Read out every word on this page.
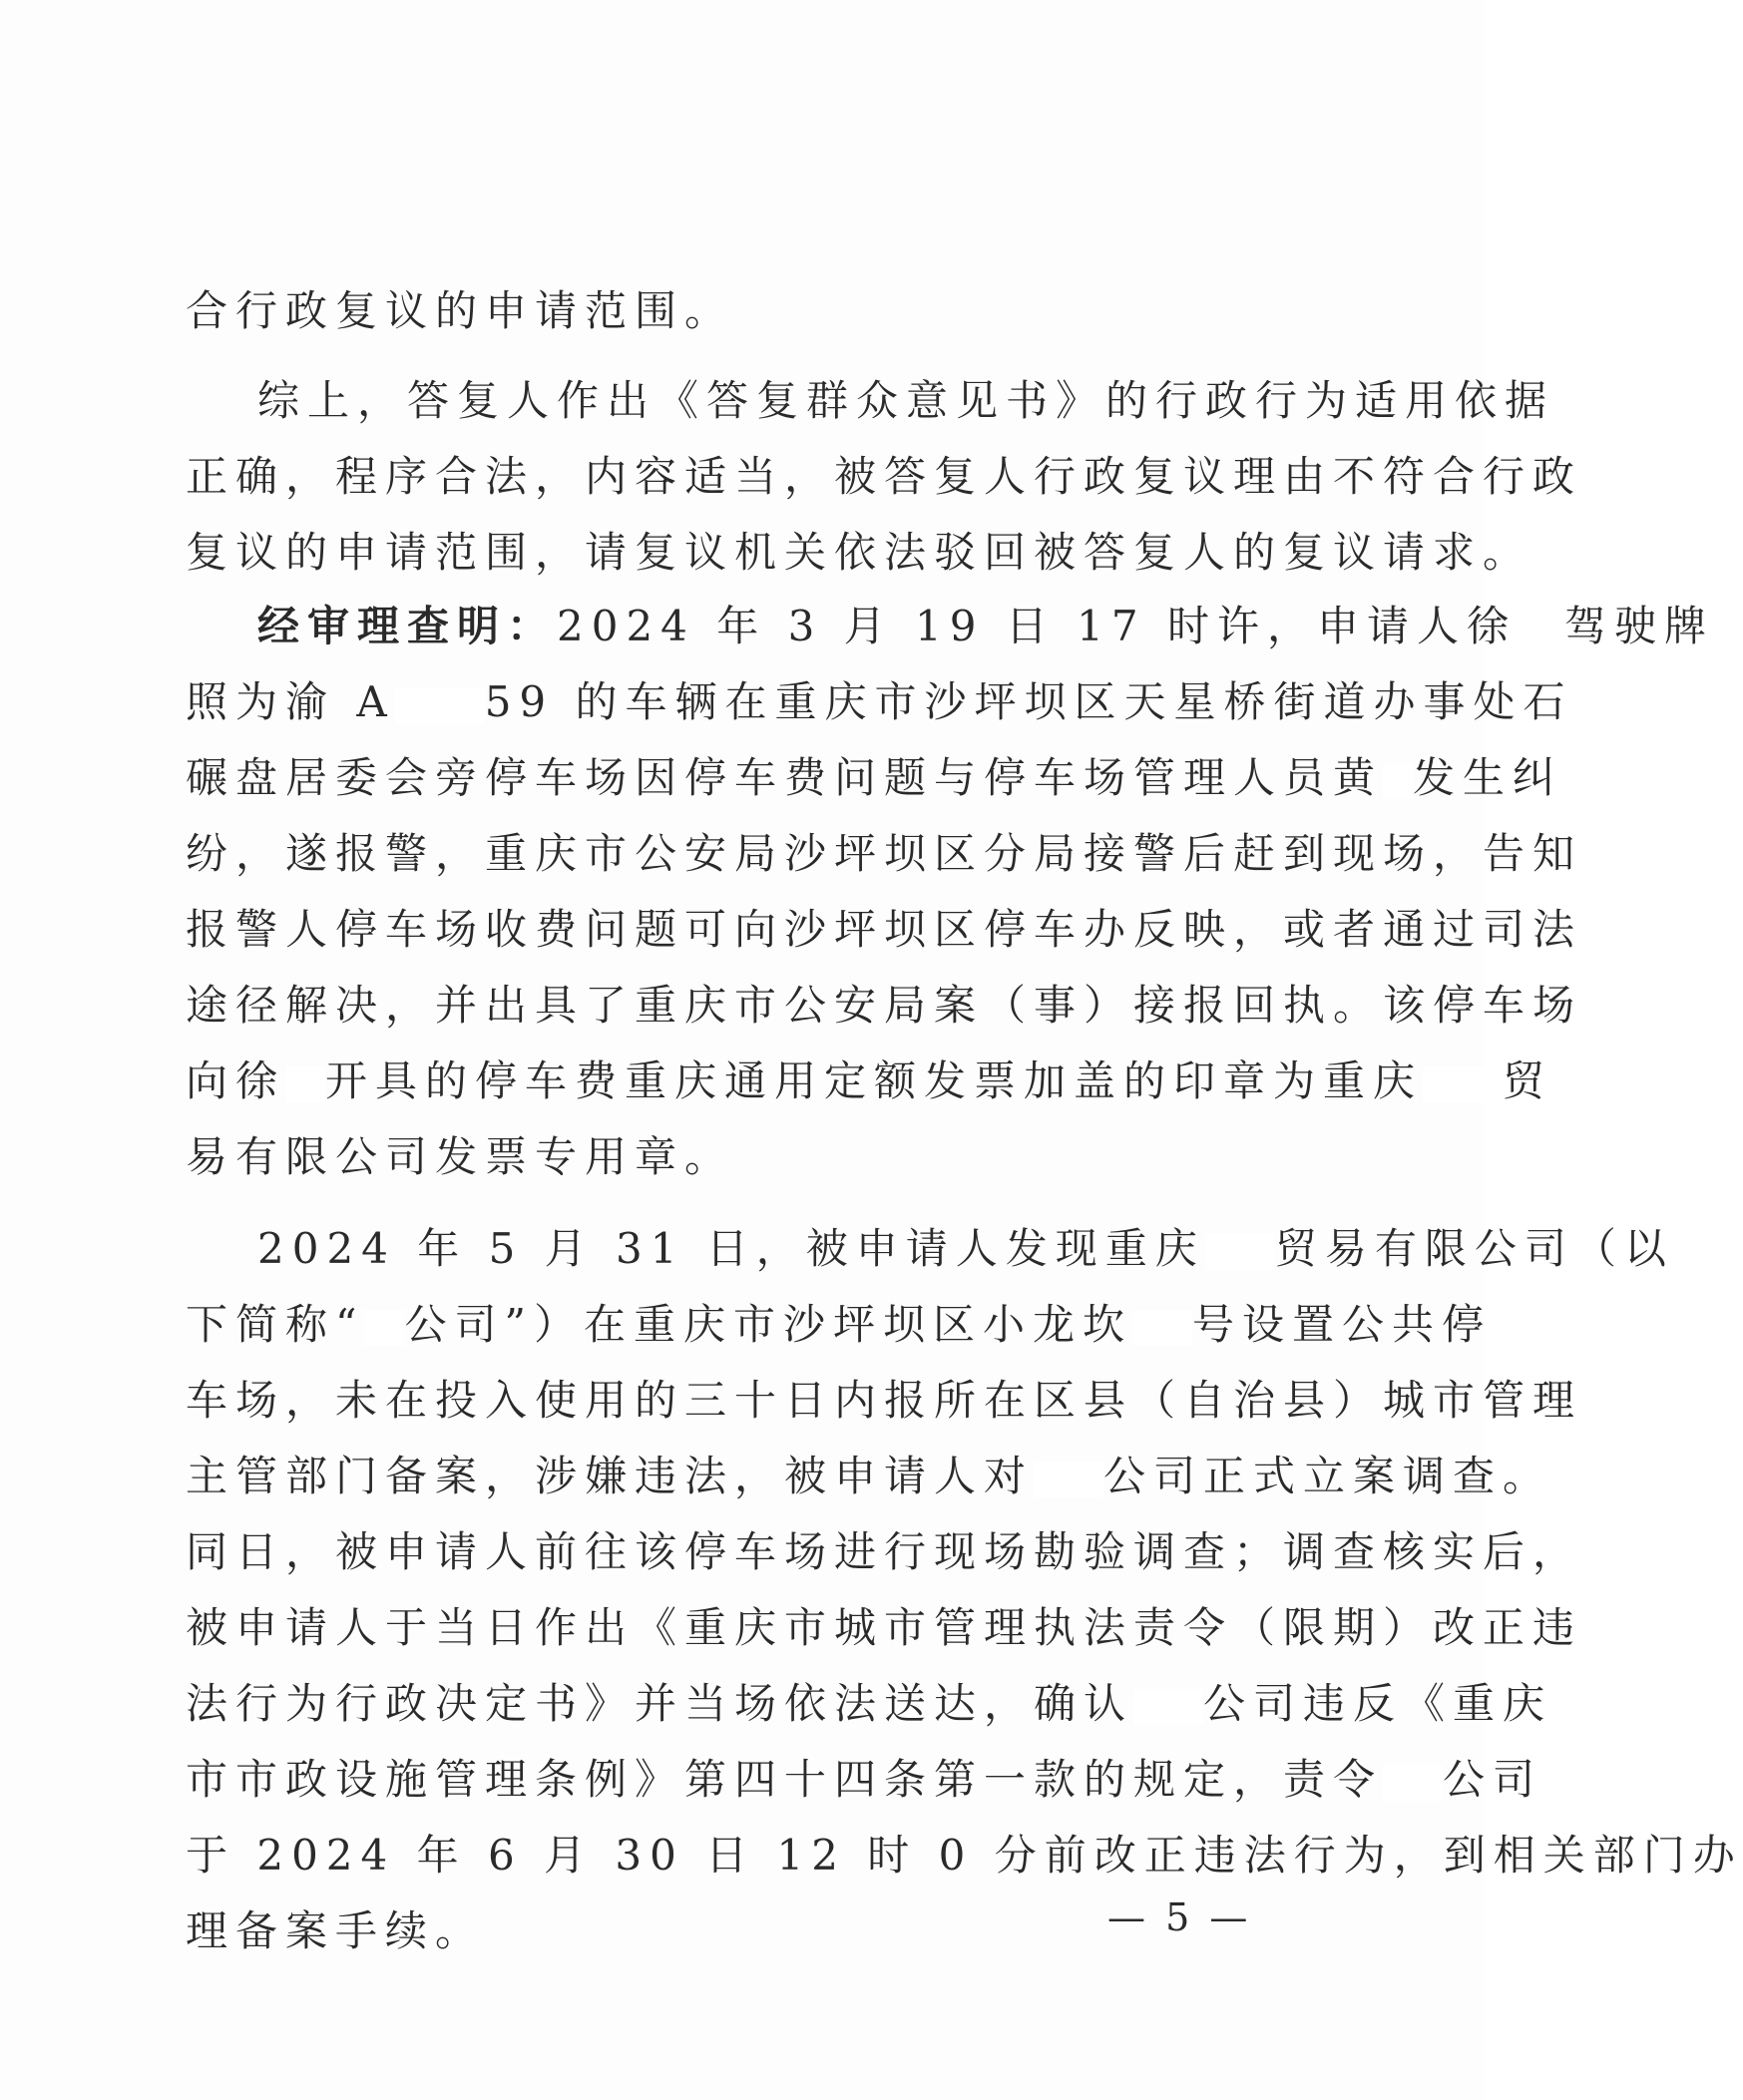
合行政复议的申请范围。
综上，答复人作出《答复群众意见书》的行政行为适用依据
正确，程序合法，内容适当，被答复人行政复议理由不符合行政
复议的申请范围，请复议机关依法驳回被答复人的复议请求。
经审理查明：2024 年 3 月 19 日 17 时许，申请人徐 驾驶牌
照为渝 A 59 的车辆在重庆市沙坪坝区天星桥街道办事处石
碾盘居委会旁停车场因停车费问题与停车场管理人员黄 发生纠
纷，遂报警，重庆市公安局沙坪坝区分局接警后赶到现场，告知
报警人停车场收费问题可向沙坪坝区停车办反映，或者通过司法
途径解决，并出具了重庆市公安局案（事）接报回执。该停车场
向徐 开具的停车费重庆通用定额发票加盖的印章为重庆 贸
易有限公司发票专用章。
2024 年 5 月 31 日，被申请人发现重庆 贸易有限公司（以
下简称“ 公司”）在重庆市沙坪坝区小龙坎 号设置公共停
车场，未在投入使用的三十日内报所在区县（自治县）城市管理
主管部门备案，涉嫌违法，被申请人对 公司正式立案调查。
同日，被申请人前往该停车场进行现场勘验调查；调查核实后，
被申请人于当日作出《重庆市城市管理执法责令（限期）改正违
法行为行政决定书》并当场依法送达，确认 公司违反《重庆
市市政设施管理条例》第四十四条第一款的规定，责令 公司
于 2024 年 6 月 30 日 12 时 0 分前改正违法行为，到相关部门办
理备案手续。	— 5 —
